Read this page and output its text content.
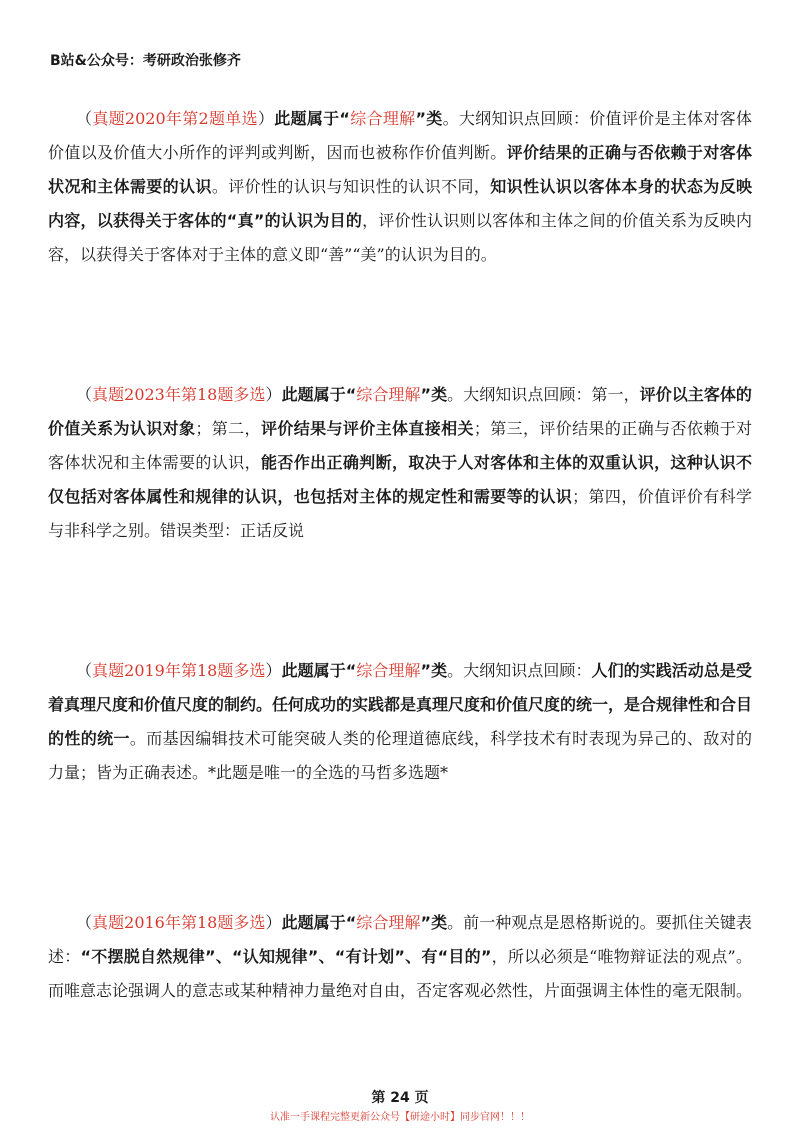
B站&公众号：考研政治张修齐
（真题2020年第2题单选）此题属于“综合理解”类。大纲知识点回顾：价值评价是主体对客体价值以及价值大小所作的评判或判断，因而也被称作价值判断。评价结果的正确与否依赖于对客体状况和主体需要的认识。评价性的认识与知识性的认识不同，知识性认识以客体本身的状态为反映内容，以获得关于客体的“真”的认识为目的，评价性认识则以客体和主体之间的价值关系为反映内容，以获得关于客体对于主体的意义即“善”“美”的认识为目的。
（真题2023年第18题多选）此题属于“综合理解”类。大纲知识点回顾：第一，评价以主客体的价值关系为认识对象；第二，评价结果与评价主体直接相关；第三，评价结果的正确与否依赖于对客体状况和主体需要的认识，能否作出正确判断，取决于人对客体和主体的双重认识，这种认识不仅包括对客体属性和规律的认识，也包括对主体的规定性和需要等的认识；第四，价值评价有科学与非科学之别。错误类型：正话反说
（真题2019年第18题多选）此题属于“综合理解”类。大纲知识点回顾：人们的实践活动总是受着真理尺度和价值尺度的制约。任何成功的实践都是真理尺度和价值尺度的统一，是合规律性和合目的性的统一。而基因编辑技术可能突破人类的伦理道德底线，科学技术有时表现为异己的、敌对的力量；皆为正确表述。*此题是唯一的全选的马哲多选题*
（真题2016年第18题多选）此题属于“综合理解”类。前一种观点是恩格斯说的。要抓住关键表述：“不摆脱自然规律”、“认知规律”、“有计划”、有“目的”，所以必须是“唯物辩证法的观点”。而唯意志论强调人的意志或某种精神力量绝对自由，否定客观必然性，片面强调主体性的毫无限制。
第 24 页
认准一手课程完整更新公众号【研途小时】同步官网！！！
